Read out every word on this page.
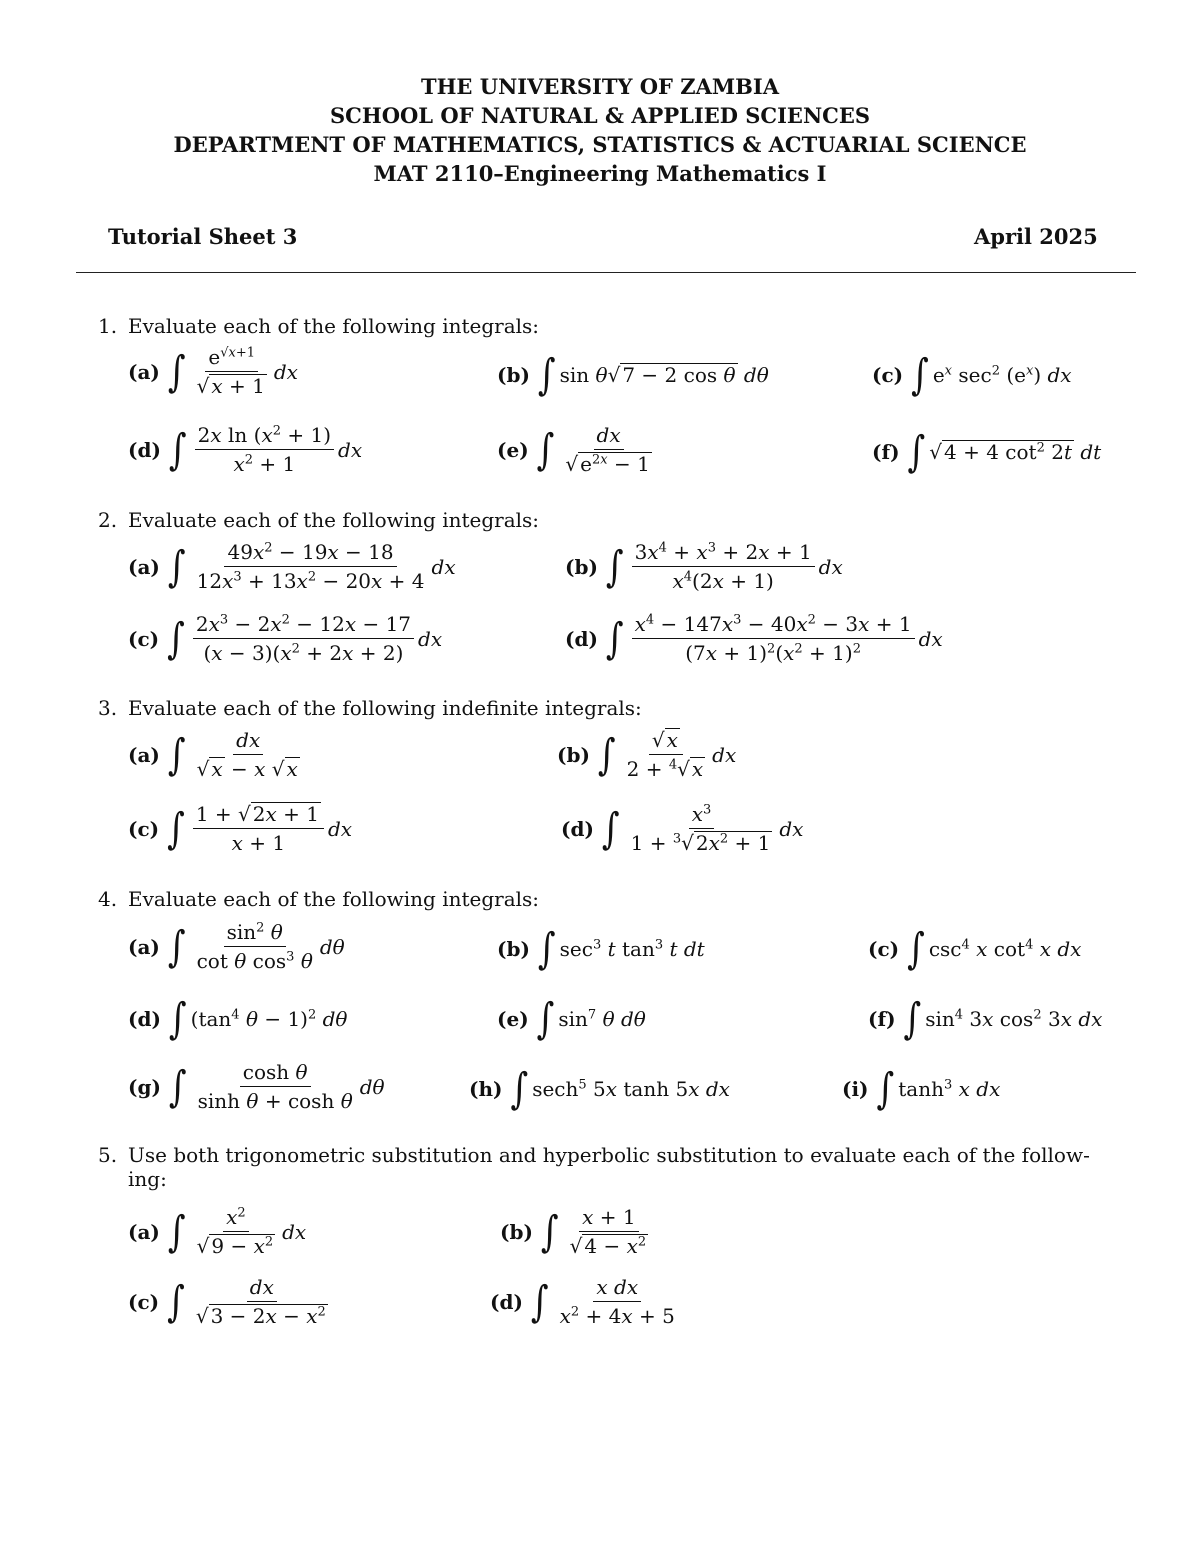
THE UNIVERSITY OF ZAMBIA
SCHOOL OF NATURAL & APPLIED SCIENCES
DEPARTMENT OF MATHEMATICS, STATISTICS & ACTUARIAL SCIENCE
MAT 2110–Engineering Mathematics I
Tutorial Sheet 3	April 2025
1. Evaluate each of the following integrals:
(a) ∫ $\frac{e^{√x+1}}{√ x + 1}$ dx	(b) ∫ sin θ√ 7 − 2 cos θ dθ	(c) ∫ $e^x$ $\sec^2 (e^x)$ dx
(d) ∫ $\frac{2x \ln (x^2 + 1)}{x^2 + 1}$ dx	(e) ∫ $\frac{dx}{√ e^{2x} - 1}$	(f) ∫ √ 4 + 4 $\cot^2 2t$ dt
2. Evaluate each of the following integrals:
(a) ∫ $\frac{49x^2 - 19x - 18}{12x^3 + 13x^2 - 20x + 4}$ dx	(b) ∫ $\frac{3x^4 + x^3 + 2x + 1}{x^4(2x + 1)}$ dx
(c) ∫ $\frac{2x^3 - 2x^2 - 12x - 17}{(x - 3)(x^2 + 2x + 2)}$ dx	(d) ∫ $\frac{x^4 - 147x^3 - 40x^2 - 3x + 1}{(7x + 1)^2(x^2 + 1)^2}$ dx
3. Evaluate each of the following indefinite integrals:
(a) ∫ $\frac{dx}{√ x - x √ x}$	(b) ∫ $\frac{√ x}{2 + ^4√ x}$ dx
(c) ∫ $\frac{1 + √ 2x + 1}{x + 1}$ dx	(d) ∫ $\frac{x^3}{1 + ^3√ 2x^2 + 1}$ dx
4. Evaluate each of the following integrals:
(a) ∫ $\frac{\sin^2 \theta}{\cot \theta \cos^3 \theta}$ dθ	(b) ∫ $\sec^3 t$ $\tan^3 t$ dt	(c) ∫ $\csc^4 x$ $\cot^4 x$ dx
(d) ∫ ($\tan^4$ θ − 1)$^2$ dθ	(e) ∫ $\sin^7 \theta$ dθ	(f) ∫ $\sin^4 3x$ $\cos^2 3x$ dx
(g) ∫ $\frac{\text{cosh θ}}{\text{sinh θ + cosh θ}}$ dθ	(h) ∫ sech$^5$ 5x tanh 5x dx	(i) ∫ $\tanh^3 x$ dx
5. Use both trigonometric substitution and hyperbolic substitution to evaluate each of the follow-
ing:
(a) ∫ $\frac{x^2}{√ 9 - x^2}$ dx	(b) ∫ $\frac{x + 1}{√ 4 - x^2}$
(c) ∫ $\frac{dx}{√ 3 - 2x - x^2}$	(d) ∫ $\frac{\text{x dx}}{x^2 + 4x + 5}$
